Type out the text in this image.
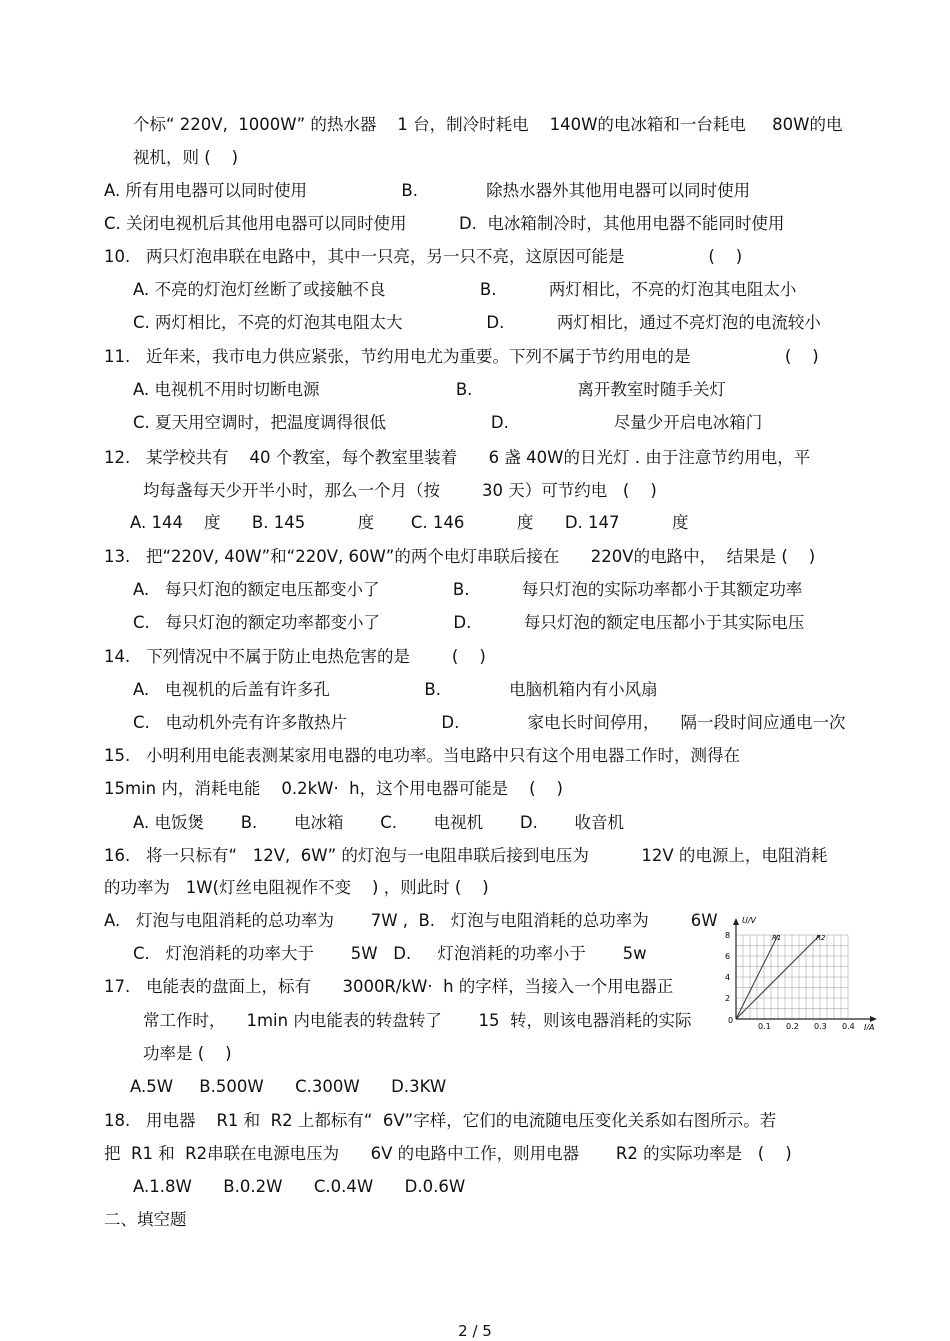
个标“ 220V,  1000W” 的热水器    1 台，制冷时耗电    140W的电冰箱和一台耗电     80W的电
视机，则 (    )
A. 所有用电器可以同时使用                  B.             除热水器外其他用电器可以同时使用
C. 关闭电视机后其他用电器可以同时使用          D.  电冰箱制冷时，其他用电器不能同时使用
10.   两只灯泡串联在电路中，其中一只亮，另一只不亮，这原因可能是                (    )
A. 不亮的灯泡灯丝断了或接触不良                  B.          两灯相比，不亮的灯泡其电阻太小
C. 两灯相比，不亮的灯泡其电阻太大                D.          两灯相比，通过不亮灯泡的电流较小
11.   近年来，我市电力供应紧张，节约用电尤为重要。下列不属于节约用电的是                  (    )
A. 电视机不用时切断电源                          B.                    离开教室时随手关灯
C. 夏天用空调时，把温度调得很低                    D.                    尽量少开启电冰箱门
12.   某学校共有    40 个教室，每个教室里装着      6 盏 40W的日光灯 . 由于注意节约用电，平
均每盏每天少开半小时，那么一个月（按        30 天）可节约电   (    )
A. 144    度      B. 145          度       C. 146          度      D. 147          度
13.   把“220V, 40W”和“220V, 60W”的两个电灯串联后接在      220V的电路中，  结果是 (    )
A.   每只灯泡的额定电压都变小了              B.          每只灯泡的实际功率都小于其额定功率
C.   每只灯泡的额定功率都变小了              D.          每只灯泡的额定电压都小于其实际电压
14.   下列情况中不属于防止电热危害的是        (    )
A.   电视机的后盖有许多孔                  B.             电脑机箱内有小风扇
C.   电动机外壳有许多散热片                  D.             家电长时间停用，    隔一段时间应通电一次
15.   小明利用电能表测某家用电器的电功率。当电路中只有这个用电器工作时，测得在
15min 内，消耗电能    0.2kW·  h，这个用电器可能是    (    )
A. 电饭煲       B.       电冰箱       C.       电视机       D.       收音机
16.   将一只标有“   12V,  6W” 的灯泡与一电阻串联后接到电压为          12V 的电源上，电阻消耗
的功率为   1W(灯丝电阻视作不变    ) ，则此时 (    )
A.   灯泡与电阻消耗的总功率为       7W ,  B.   灯泡与电阻消耗的总功率为        6W
C.   灯泡消耗的功率大于       5W   D.     灯泡消耗的功率小于       5w
17.   电能表的盘面上，标有      3000R/kW·  h 的字样，当接入一个用电器正
常工作时，    1min 内电能表的转盘转了       15  转，则该电器消耗的实际
功率是 (    )
A.5W     B.500W      C.300W      D.3KW
18.   用电器    R1 和  R2 上都标有“  6V”字样，它们的电流随电压变化关系如右图所示。若
把  R1 和  R2串联在电源电压为      6V 的电路中工作，则用电器       R2 的实际功率是   (    )
A.1.8W      B.0.2W      C.0.4W      D.0.6W
二、填空题
U/V
I/A
0
8
6
4
2
0.1 0.2 0.3 0.4
R1	R2
2 / 5
